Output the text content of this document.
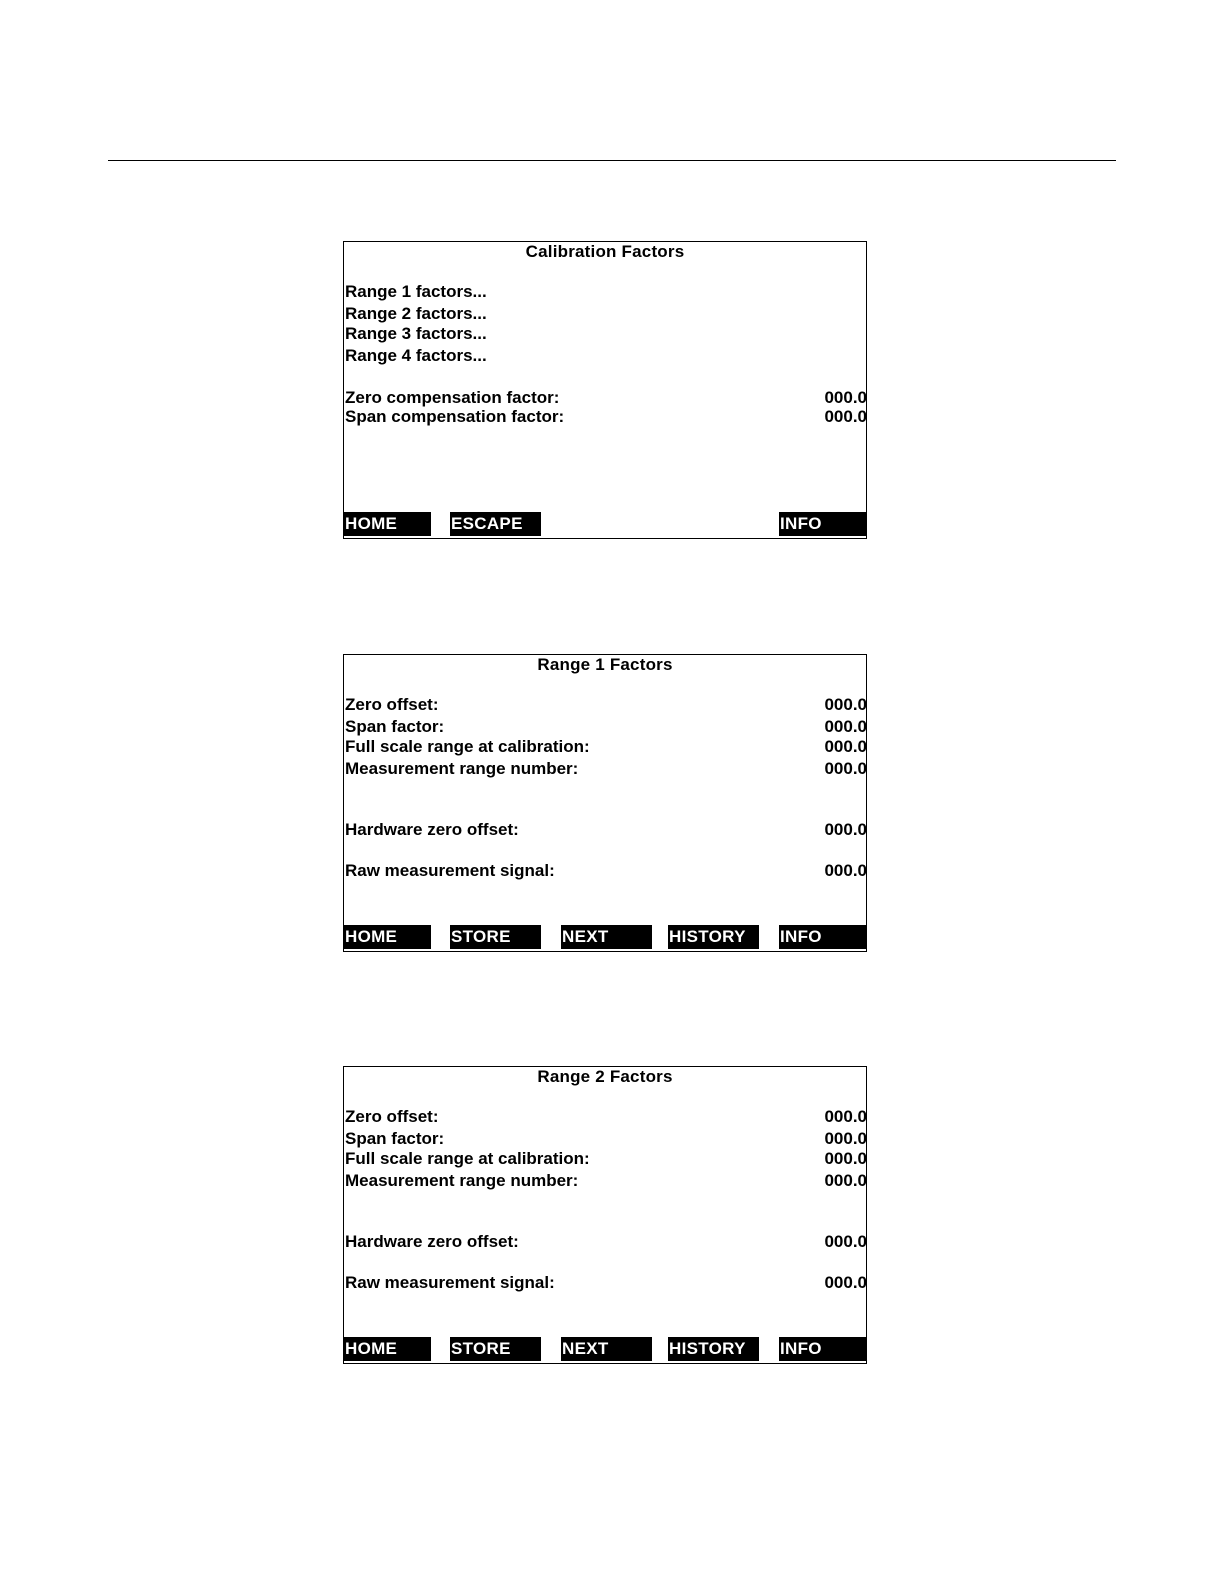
Calibration Factors
Range 1 factors...
Range 2 factors...
Range 3 factors...
Range 4 factors...
Zero compensation factor:	000.0
Span compensation factor:	000.0
HOME	ESCAPE	INFO
Range 1 Factors
Zero offset:	000.0
Span factor:	000.0
Full scale range at calibration:	000.0
Measurement range number:	000.0
Hardware zero offset:	000.0
Raw measurement signal:	000.0
HOME	STORE	NEXT	HISTORY	INFO
Range 2 Factors
Zero offset:	000.0
Span factor:	000.0
Full scale range at calibration:	000.0
Measurement range number:	000.0
Hardware zero offset:	000.0
Raw measurement signal:	000.0
HOME	STORE	NEXT	HISTORY	INFO
